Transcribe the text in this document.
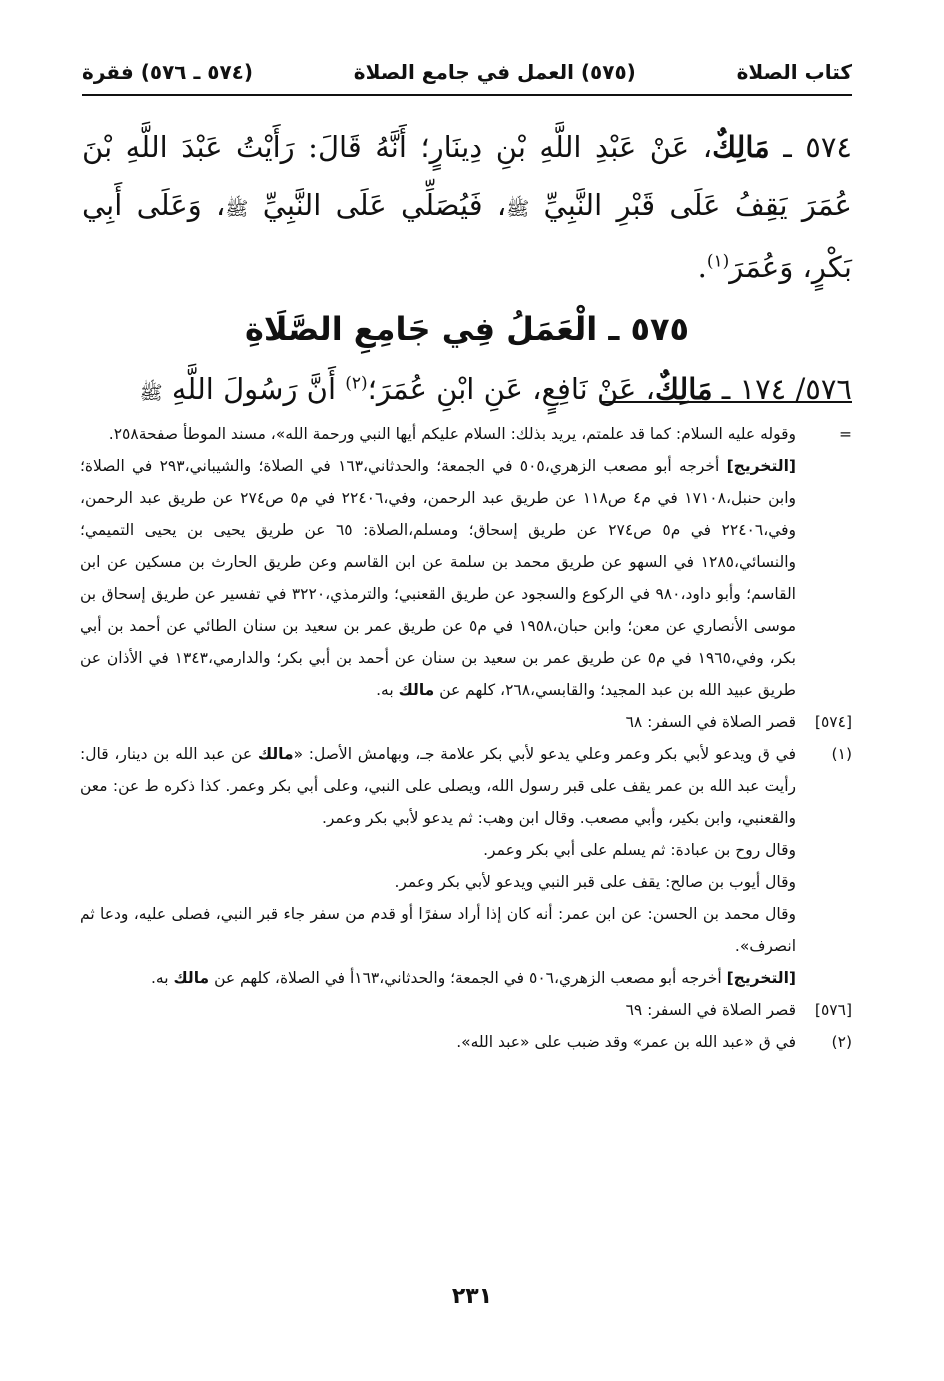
كتاب الصلاة
(٥٧٥) العمل في جامع الصلاة
(٥٧٤ ـ ٥٧٦) فقرة

٥٧٤ ـ مَالِكٌ، عَنْ عَبْدِ اللَّهِ بْنِ دِينَارٍ؛ أَنَّهُ قَالَ: رَأَيْتُ عَبْدَ اللَّهِ بْنَ عُمَرَ يَقِفُ عَلَى قَبْرِ النَّبِيِّ ﷺ، فَيُصَلِّي عَلَى النَّبِيِّ ﷺ، وَعَلَى أَبِي بَكْرٍ، وَعُمَرَ$^{(١)}$.

٥٧٥ ـ الْعَمَلُ فِي جَامِعِ الصَّلَاةِ

٥٧٦/ ١٧٤ ـ مَالِكٌ، عَنْ نَافِعٍ، عَنِ ابْنِ عُمَرَ؛$^{(٢)}$ أَنَّ رَسُولَ اللَّهِ ﷺ

=

وقوله عليه السلام: كما قد علمتم، يريد بذلك: السلام عليكم أيها النبي ورحمة الله»، مسند الموطأ صفحة٢٥٨.

[التخريج] أخرجه أبو مصعب الزهري،٥٠٥ في الجمعة؛ والحدثاني،١٦٣ في الصلاة؛ والشيباني،٢٩٣ في الصلاة؛ وابن حنبل،١٧١٠٨ في م٤ ص١١٨ عن طريق عبد الرحمن، وفي،٢٢٤٠٦ في م٥ ص٢٧٤ عن طريق عبد الرحمن، وفي،٢٢٤٠٦ في م٥ ص٢٧٤ عن طريق إسحاق؛ ومسلم،الصلاة: ٦٥ عن طريق يحيى بن يحيى التميمي؛ والنسائي،١٢٨٥ في السهو عن طريق محمد بن سلمة عن ابن القاسم وعن طريق الحارث بن مسكين عن ابن القاسم؛ وأبو داود،٩٨٠ في الركوع والسجود عن طريق القعنبي؛ والترمذي،٣٢٢٠ في تفسير عن طريق إسحاق بن موسى الأنصاري عن معن؛ وابن حبان،١٩٥٨ في م٥ عن طريق عمر بن سعيد بن سنان الطائي عن أحمد بن أبي بكر، وفي،١٩٦٥ في م٥ عن طريق عمر بن سعيد بن سنان عن أحمد بن أبي بكر؛ والدارمي،١٣٤٣ في الأذان عن طريق عبيد الله بن عبد المجيد؛ والقابسي،٢٦٨، كلهم عن مالك به.

[٥٧٤]

قصر الصلاة في السفر: ٦٨

(١)

في ق ويدعو لأبي بكر وعمر وعلي يدعو لأبي بكر علامة جـ، وبهامش الأصل: «مالك عن عبد الله بن دينار، قال: رأيت عبد الله بن عمر يقف على قبر رسول الله، ويصلى على النبي، وعلى أبي بكر وعمر. كذا ذكره ط عن: معن والقعنبي، وابن بكير، وأبي مصعب. وقال ابن وهب: ثم يدعو لأبي بكر وعمر.

وقال روح بن عبادة: ثم يسلم على أبي بكر وعمر.

وقال أيوب بن صالح: يقف على قبر النبي ويدعو لأبي بكر وعمر.

وقال محمد بن الحسن: عن ابن عمر: أنه كان إذا أراد سفرًا أو قدم من سفر جاء قبر النبي، فصلى عليه، ودعا ثم انصرف».

[التخريج] أخرجه أبو مصعب الزهري،٥٠٦ في الجمعة؛ والحدثاني،١٦٣أ في الصلاة، كلهم عن مالك به.

[٥٧٦]

قصر الصلاة في السفر: ٦٩

(٢)

في ق «عبد الله بن عمر» وقد ضبب على «عبد الله».

٢٣١
